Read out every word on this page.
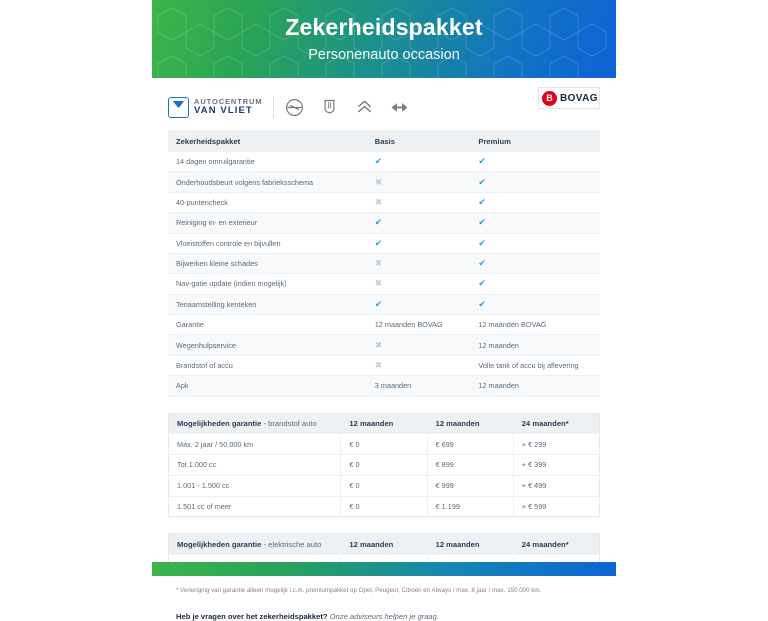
Zekerheidspakket
Personenauto occasion
AUTOCENTRUM
VAN VLIET
B BOVAG
Zekerheidspakket	Basis	Premium
14 dagen omruilgarantie	✔	✔
Onderhoudsbeurt volgens fabrieksschema	✖	✔
40-puntencheck	✖	✔
Reiniging in- en exterieur	✔	✔
Vloeistoffen controle en bijvullen	✔	✔
Bijwerken kleine schades	✖	✔
Nav-gatie update (indien mogelijk)	✖	✔
Tenaamstelling kenteken	✔	✔
Garantie	12 maanden BOVAG	12 maanden BOVAG
Wegenhulpservice	✖	12 maanden
Brandstof of accu	✖	Volle tank of accu bij aflevering
Apk	3 maanden	12 maanden
Mogelijkheden garantie - brandstof auto	12 maanden	12 maanden	24 maanden*
Max. 2 jaar / 50.000 km	€ 0	€ 699	+ € 299
Tot 1.000 cc	€ 0	€ 899	+ € 399
1.001 - 1.500 cc	€ 0	€ 999	+ € 499
1.501 cc of meer	€ 0	€ 1.199	+ € 599
Mogelijkheden garantie - elektrische auto	12 maanden	12 maanden	24 maanden*

* Verlenging van garantie alleen mogelijk i.c.m. premiumpakket op Opel, Peugeot, Citroën en Always / max. 8 jaar / max. 150.000 km.
Heb je vragen over het zekerheidspakket? Onze adviseurs helpen je graag.
